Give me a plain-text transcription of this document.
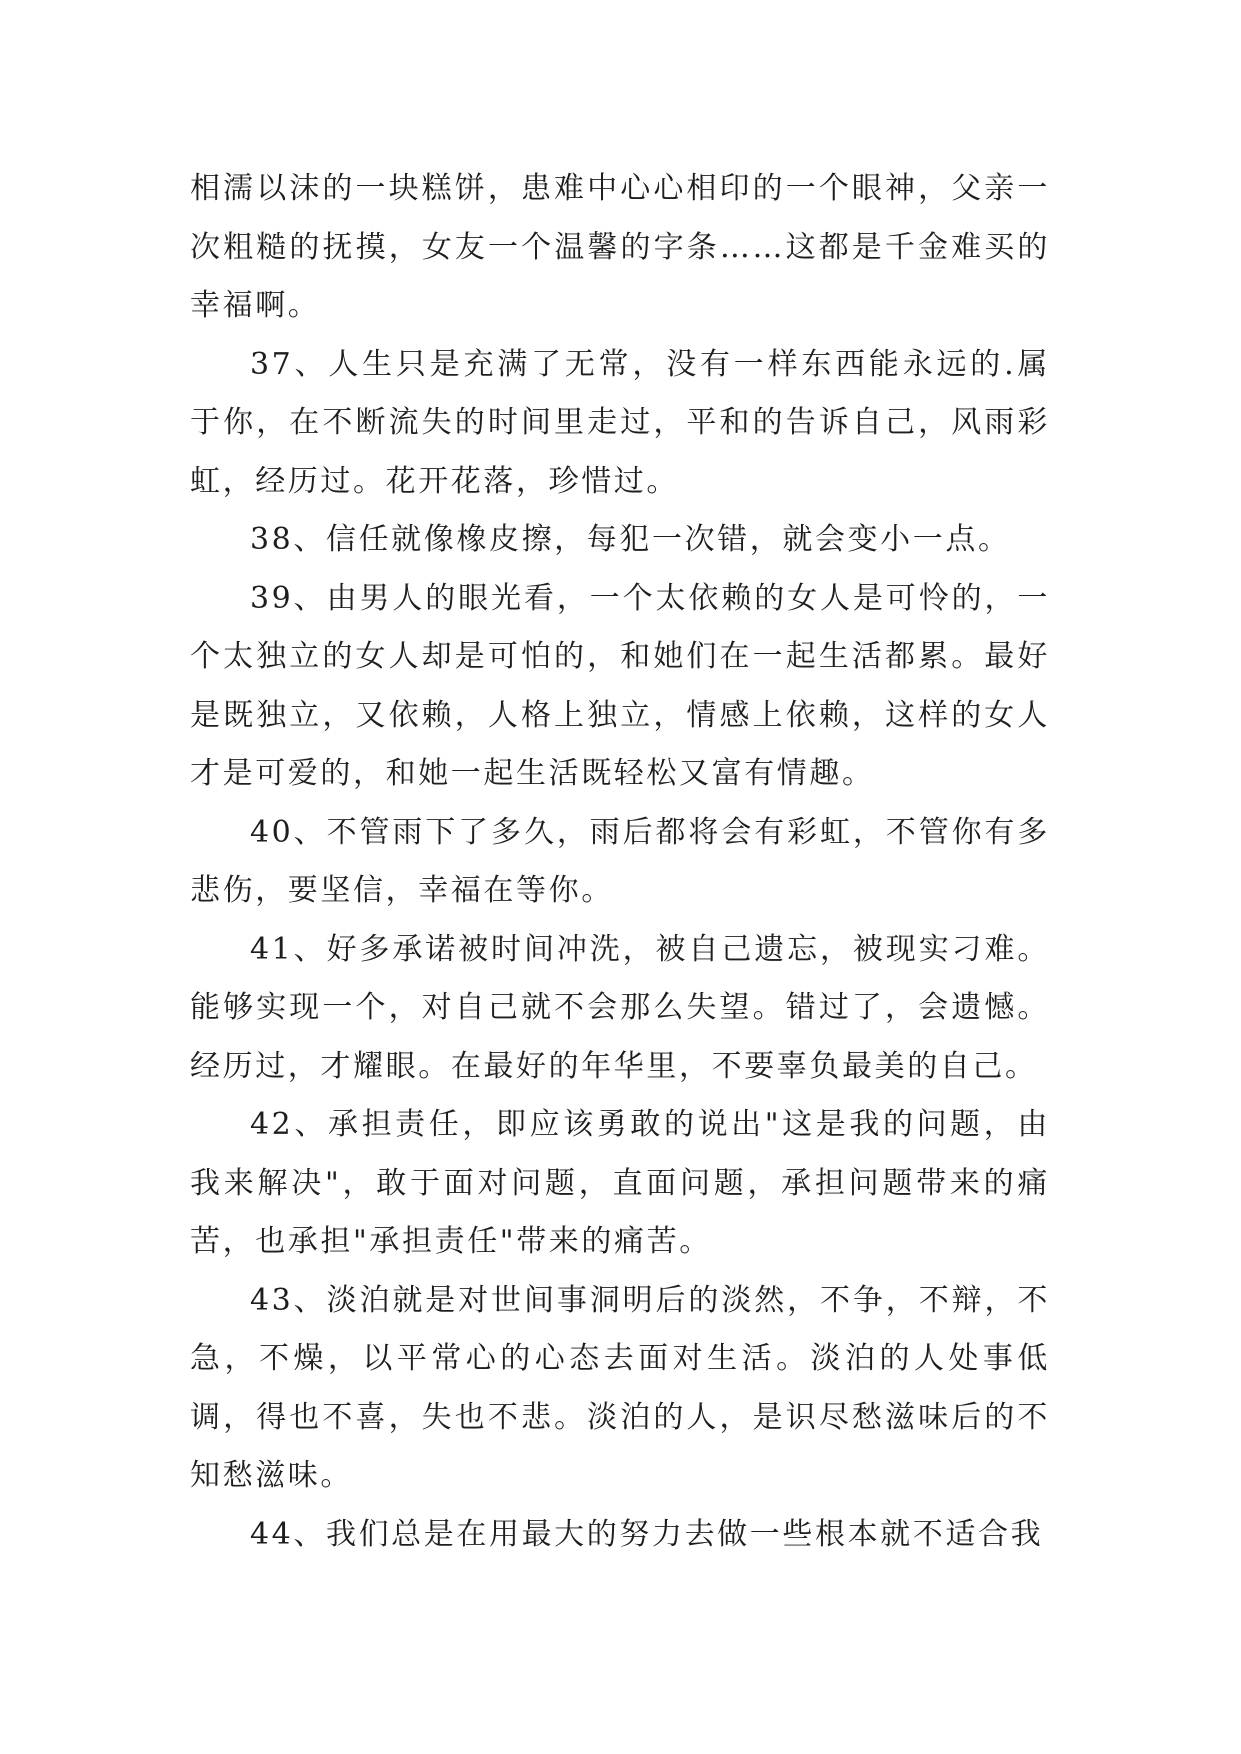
相濡以沫的一块糕饼，患难中心心相印的一个眼神，父亲一次粗糙的抚摸，女友一个温馨的字条……这都是千金难买的幸福啊。

37、人生只是充满了无常，没有一样东西能永远的.属于你，在不断流失的时间里走过，平和的告诉自己，风雨彩虹，经历过。花开花落，珍惜过。

38、信任就像橡皮擦，每犯一次错，就会变小一点。

39、由男人的眼光看，一个太依赖的女人是可怜的，一个太独立的女人却是可怕的，和她们在一起生活都累。最好是既独立，又依赖，人格上独立，情感上依赖，这样的女人才是可爱的，和她一起生活既轻松又富有情趣。

40、不管雨下了多久，雨后都将会有彩虹，不管你有多悲伤，要坚信，幸福在等你。

41、好多承诺被时间冲洗，被自己遗忘，被现实刁难。能够实现一个，对自己就不会那么失望。错过了，会遗憾。经历过，才耀眼。在最好的年华里，不要辜负最美的自己。

42、承担责任，即应该勇敢的说出"这是我的问题，由我来解决"，敢于面对问题，直面问题，承担问题带来的痛苦，也承担"承担责任"带来的痛苦。

43、淡泊就是对世间事洞明后的淡然，不争，不辩，不急，不燥，以平常心的心态去面对生活。淡泊的人处事低调，得也不喜，失也不悲。淡泊的人，是识尽愁滋味后的不知愁滋味。

44、我们总是在用最大的努力去做一些根本就不适合我
